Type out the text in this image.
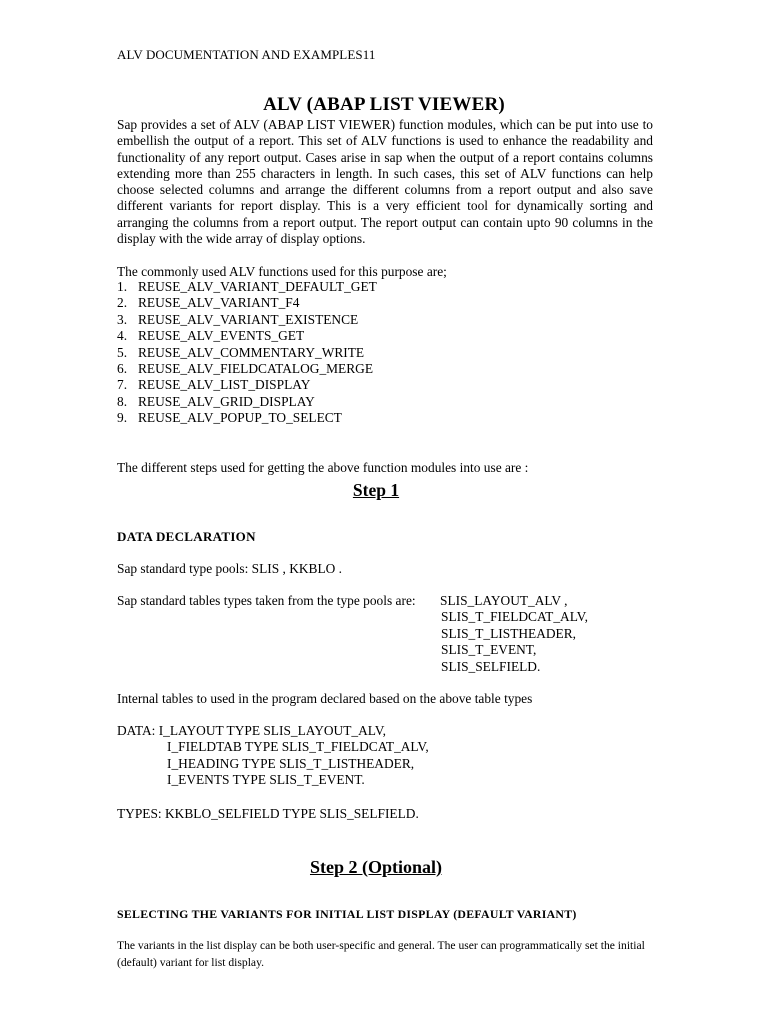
ALV DOCUMENTATION AND EXAMPLES11
ALV (ABAP LIST VIEWER)
Sap provides a set of ALV (ABAP LIST VIEWER) function modules, which can be put into use to embellish the output of a report. This set of ALV functions is used to enhance the readability and functionality of any report output. Cases arise in sap when the output of a report contains columns extending more than 255 characters in length. In such cases, this set of ALV functions can help choose selected columns and arrange the different columns from a report output and also save different variants for report display. This is a very efficient tool for dynamically sorting and arranging the columns from a report output. The report output can contain upto 90 columns in the display with the wide array of display options.
The commonly used ALV functions used for this purpose are;
1. REUSE_ALV_VARIANT_DEFAULT_GET
2. REUSE_ALV_VARIANT_F4
3. REUSE_ALV_VARIANT_EXISTENCE
4. REUSE_ALV_EVENTS_GET
5. REUSE_ALV_COMMENTARY_WRITE
6. REUSE_ALV_FIELDCATALOG_MERGE
7. REUSE_ALV_LIST_DISPLAY
8. REUSE_ALV_GRID_DISPLAY
9. REUSE_ALV_POPUP_TO_SELECT
The different steps used for getting the above function modules into use are :
Step 1
DATA DECLARATION
Sap standard type pools: SLIS , KKBLO .
Sap standard tables types taken from the type pools are: SLIS_LAYOUT_ALV ,
SLIS_T_FIELDCAT_ALV,
SLIS_T_LISTHEADER,
SLIS_T_EVENT,
SLIS_SELFIELD.
Internal tables to used in the program declared based on the above table types
DATA: I_LAYOUT TYPE SLIS_LAYOUT_ALV,
I_FIELDTAB TYPE SLIS_T_FIELDCAT_ALV,
I_HEADING TYPE SLIS_T_LISTHEADER,
I_EVENTS TYPE SLIS_T_EVENT.
TYPES: KKBLO_SELFIELD TYPE SLIS_SELFIELD.
Step 2 (Optional)
SELECTING THE VARIANTS FOR INITIAL LIST DISPLAY (DEFAULT VARIANT)
The variants in the list display can be both user-specific and general. The user can programmatically set the initial (default) variant for list display.
